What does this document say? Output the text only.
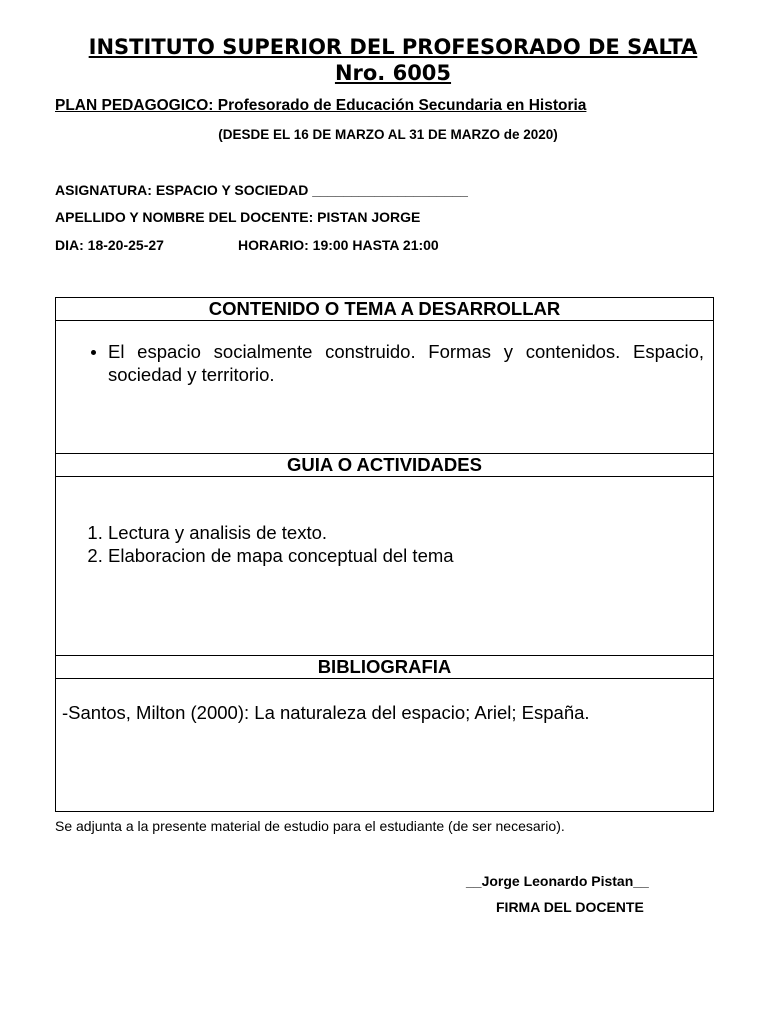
INSTITUTO SUPERIOR DEL PROFESORADO DE SALTA
Nro. 6005
PLAN PEDAGOGICO: Profesorado de Educación Secundaria en Historia
(DESDE EL 16 DE MARZO AL 31 DE MARZO de 2020)
ASIGNATURA: ESPACIO Y SOCIEDAD ____________________
APELLIDO Y NOMBRE DEL DOCENTE: PISTAN JORGE
DIA: 18-20-25-27	HORARIO: 19:00 HASTA 21:00
CONTENIDO O TEMA A DESARROLLAR

• El espacio socialmente construido. Formas y contenidos. Espacio, sociedad y territorio.

GUIA O ACTIVIDADES

1. Lectura y analisis de texto.
2. Elaboracion de mapa conceptual del tema

BIBLIOGRAFIA

-Santos, Milton (2000): La naturaleza del espacio; Ariel; España.

Se adjunta a la presente material de estudio para el estudiante (de ser necesario).
__Jorge Leonardo Pistan__
FIRMA DEL DOCENTE
